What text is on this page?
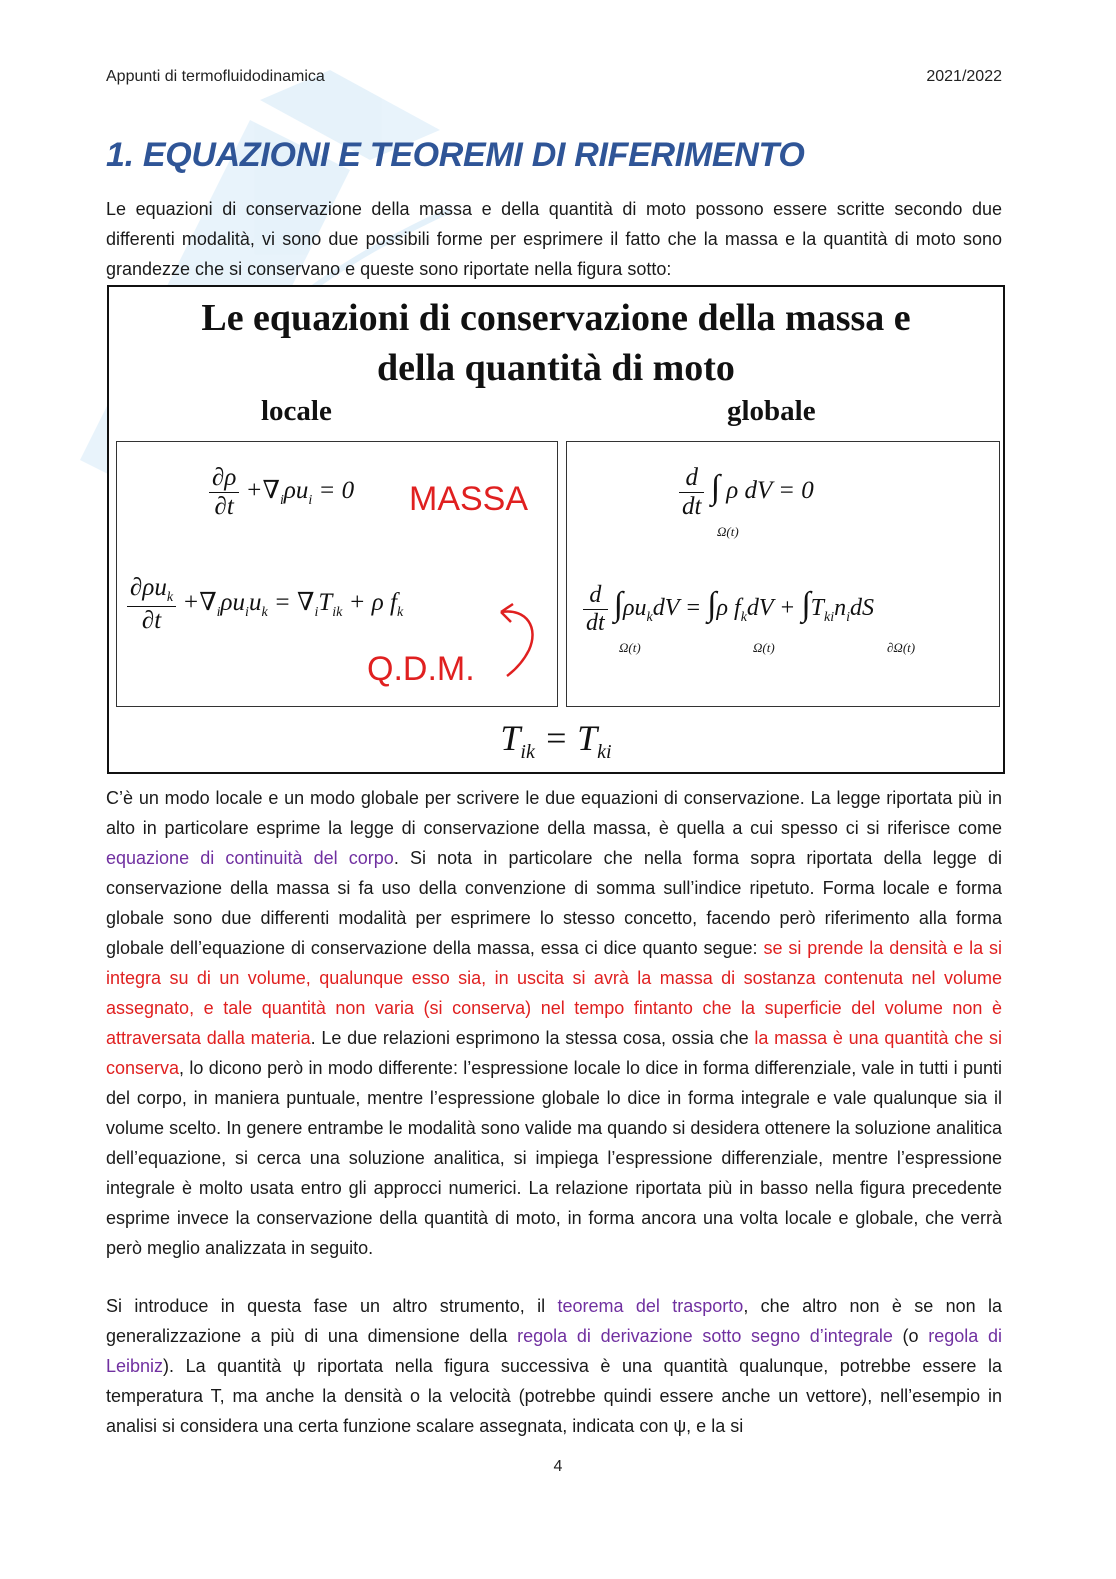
Appunti di termofluidodinamica	2021/2022
1. EQUAZIONI E TEOREMI DI RIFERIMENTO

Le equazioni di conservazione della massa e della quantità di moto possono essere scritte secondo due differenti modalità, vi sono due possibili forme per esprimere il fatto che la massa e la quantità di moto sono grandezze che si conservano e queste sono riportate nella figura sotto:

Le equazioni di conservazione della massa e
della quantità di moto
locale	globale
$\frac{\partial\rho}{\partial t} +\nabla_i\rho u_i = 0$ MASSA
$\frac{\partial\rho u_k}{\partial t} +\nabla_i\rho u_iu_k = \nabla_iT_{ik} + \rho$ $f_k$
Q.D.M.
$\frac{d}{dt}$ ∫ ρ dV = 0
Ω(t)
$\frac{d}{dt} \int\rho u_kdV = \int\rho$ $f_kdV + \int T_{ki}n_idS$
Ω(t)	Ω(t)	∂Ω(t)
$T_{ik} = T_{ki}$

C’è un modo locale e un modo globale per scrivere le due equazioni di conservazione. La legge riportata più in alto in particolare esprime la legge di conservazione della massa, è quella a cui spesso ci si riferisce come equazione di continuità del corpo. Si nota in particolare che nella forma sopra riportata della legge di conservazione della massa si fa uso della convenzione di somma sull’indice ripetuto. Forma locale e forma globale sono due differenti modalità per esprimere lo stesso concetto, facendo però riferimento alla forma globale dell’equazione di conservazione della massa, essa ci dice quanto segue: se si prende la densità e la si integra su di un volume, qualunque esso sia, in uscita si avrà la massa di sostanza contenuta nel volume assegnato, e tale quantità non varia (si conserva) nel tempo fintanto che la superficie del volume non è attraversata dalla materia. Le due relazioni esprimono la stessa cosa, ossia che la massa è una quantità che si conserva, lo dicono però in modo differente: l’espressione locale lo dice in forma differenziale, vale in tutti i punti del corpo, in maniera puntuale, mentre l’espressione globale lo dice in forma integrale e vale qualunque sia il volume scelto. In genere entrambe le modalità sono valide ma quando si desidera ottenere la soluzione analitica dell’equazione, si cerca una soluzione analitica, si impiega l’espressione differenziale, mentre l’espressione integrale è molto usata entro gli approcci numerici. La relazione riportata più in basso nella figura precedente esprime invece la conservazione della quantità di moto, in forma ancora una volta locale e globale, che verrà però meglio analizzata in seguito.

Si introduce in questa fase un altro strumento, il teorema del trasporto, che altro non è se non la generalizzazione a più di una dimensione della regola di derivazione sotto segno d’integrale (o regola di Leibniz). La quantità ψ riportata nella figura successiva è una quantità qualunque, potrebbe essere la temperatura T, ma anche la densità o la velocità (potrebbe quindi essere anche un vettore), nell’esempio in analisi si considera una certa funzione scalare assegnata, indicata con ψ, e la si

4
